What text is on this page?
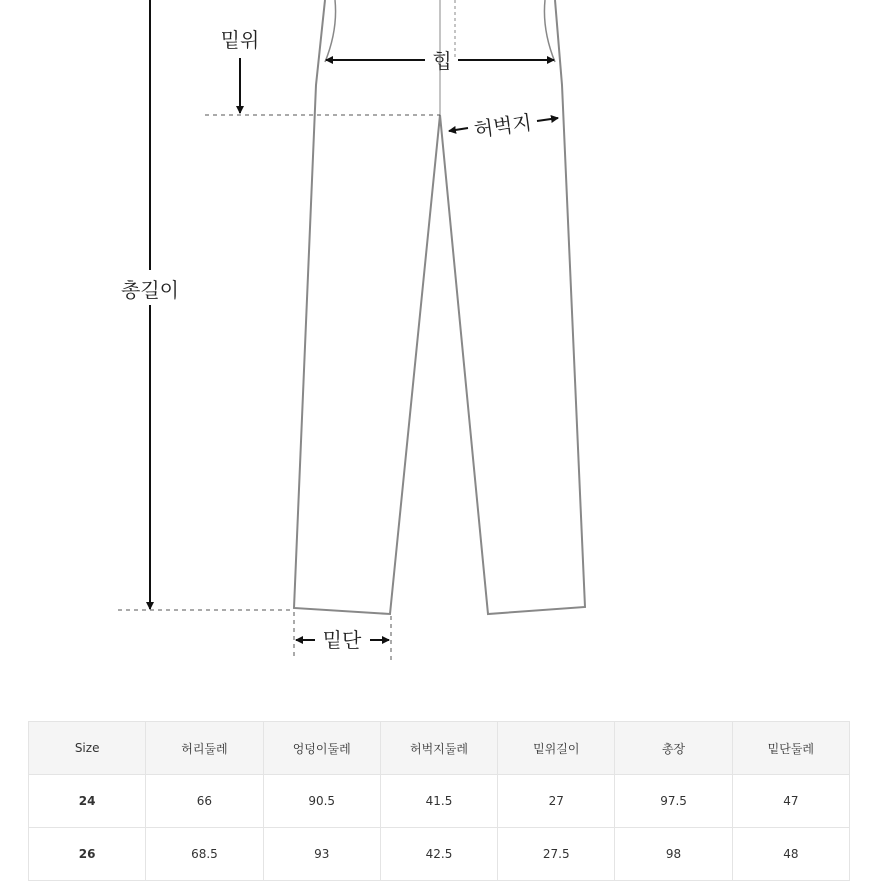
밑위
힙
허벅지
총길이
밑단
Size	허리둘레	엉덩이둘레	허벅지둘레	밑위길이	총장	밑단둘레
24	66	90.5	41.5	27	97.5	47
26	68.5	93	42.5	27.5	98	48
